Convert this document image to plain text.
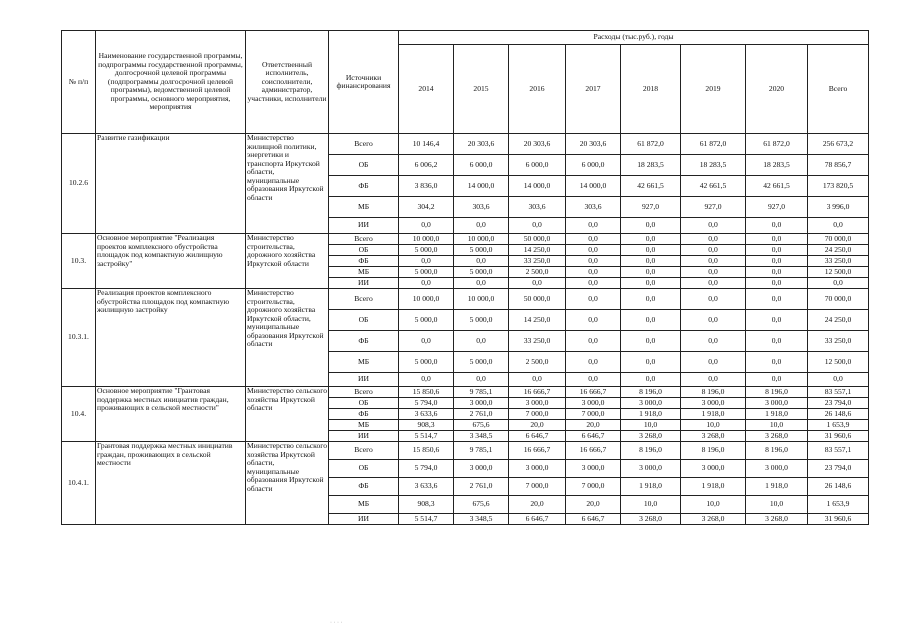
№ п/п	Наименование государственной программы, подпрограммы государственной программы, долгосрочной целевой программы (подпрограммы долгосрочной целевой программы), ведомственной целевой программы, основного мероприятия, мероприятия	Ответственный исполнитель, соисполнители, администратор, участники, исполнители	Источники финансирования	Расходы (тыс.руб.), годы							
				2014	2015	2016	2017	2018	2019	2020	Всего
10.2.6	Развитие газификации	Министерство жилищной политики, энергетики и транспорта Иркутской области, муниципальные образования Иркутской области	Всего	10 146,4	20 303,6	20 303,6	20 303,6	61 872,0	61 872,0	61 872,0	256 673,2
			ОБ	6 006,2	6 000,0	6 000,0	6 000,0	18 283,5	18 283,5	18 283,5	78 856,7
			ФБ	3 836,0	14 000,0	14 000,0	14 000,0	42 661,5	42 661,5	42 661,5	173 820,5
			МБ	304,2	303,6	303,6	303,6	927,0	927,0	927,0	3 996,0
			ИИ	0,0	0,0	0,0	0,0	0,0	0,0	0,0	0,0
10.3.	Основное мероприятие "Реализация проектов комплексного обустройства площадок под компактную жилищную застройку"	Министерство строительства, дорожного хозяйства Иркутской области	Всего	10 000,0	10 000,0	50 000,0	0,0	0,0	0,0	0,0	70 000,0
			ОБ	5 000,0	5 000,0	14 250,0	0,0	0,0	0,0	0,0	24 250,0
			ФБ	0,0	0,0	33 250,0	0,0	0,0	0,0	0,0	33 250,0
			МБ	5 000,0	5 000,0	2 500,0	0,0	0,0	0,0	0,0	12 500,0
			ИИ	0,0	0,0	0,0	0,0	0,0	0,0	0,0	0,0
10.3.1.	Реализация проектов комплексного обустройства площадок под компактную жилищную застройку	Министерство строительства, дорожного хозяйства Иркутской области, муниципальные образования Иркутской области	Всего	10 000,0	10 000,0	50 000,0	0,0	0,0	0,0	0,0	70 000,0
			ОБ	5 000,0	5 000,0	14 250,0	0,0	0,0	0,0	0,0	24 250,0
			ФБ	0,0	0,0	33 250,0	0,0	0,0	0,0	0,0	33 250,0
			МБ	5 000,0	5 000,0	2 500,0	0,0	0,0	0,0	0,0	12 500,0
			ИИ	0,0	0,0	0,0	0,0	0,0	0,0	0,0	0,0
10.4.	Основное мероприятие "Грантовая поддержка местных инициатив граждан, проживающих в сельской местности"	Министерство сельского хозяйства Иркутской области	Всего	15 850,6	9 785,1	16 666,7	16 666,7	8 196,0	8 196,0	8 196,0	83 557,1
			ОБ	5 794,0	3 000,0	3 000,0	3 000,0	3 000,0	3 000,0	3 000,0	23 794,0
			ФБ	3 633,6	2 761,0	7 000,0	7 000,0	1 918,0	1 918,0	1 918,0	26 148,6
			МБ	908,3	675,6	20,0	20,0	10,0	10,0	10,0	1 653,9
			ИИ	5 514,7	3 348,5	6 646,7	6 646,7	3 268,0	3 268,0	3 268,0	31 960,6
10.4.1.	Грантовая поддержка местных инициатив граждан, проживающих в сельской местности	Министерство сельского хозяйства Иркутской области, муниципальные образования Иркутской области	Всего	15 850,6	9 785,1	16 666,7	16 666,7	8 196,0	8 196,0	8 196,0	83 557,1
			ОБ	5 794,0	3 000,0	3 000,0	3 000,0	3 000,0	3 000,0	3 000,0	23 794,0
			ФБ	3 633,6	2 761,0	7 000,0	7 000,0	1 918,0	1 918,0	1 918,0	26 148,6
			МБ	908,3	675,6	20,0	20,0	10,0	10,0	10,0	1 653,9
			ИИ	5 514,7	3 348,5	6 646,7	6 646,7	3 268,0	3 268,0	3 268,0	31 960,6
· · · ·
